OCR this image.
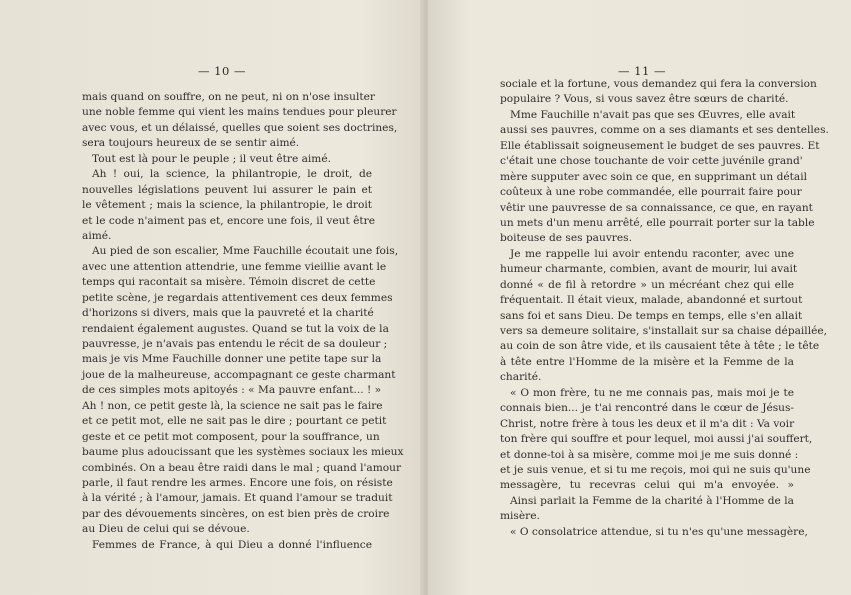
— 10 —
mais quand on souffre, on ne peut, ni on n'ose insulter
une noble femme qui vient les mains tendues pour pleurer
avec vous, et un délaissé, quelles que soient ses doctrines,
sera toujours heureux de se sentir aimé.
Tout est là pour le peuple ; il veut être aimé.
Ah ! oui, la science, la philantropie, le droit, de
nouvelles législations peuvent lui assurer le pain et
le vêtement ; mais la science, la philantropie, le droit
et le code n'aiment pas et, encore une fois, il veut être
aimé.
Au pied de son escalier, Mme Fauchille écoutait une fois,
avec une attention attendrie, une femme vieillie avant le
temps qui racontait sa misère. Témoin discret de cette
petite scène, je regardais attentivement ces deux femmes
d'horizons si divers, mais que la pauvreté et la charité
rendaient également augustes. Quand se tut la voix de la
pauvresse, je n'avais pas entendu le récit de sa douleur ;
mais je vis Mme Fauchille donner une petite tape sur la
joue de la malheureuse, accompagnant ce geste charmant
de ces simples mots apitoyés : « Ma pauvre enfant... ! »
Ah ! non, ce petit geste là, la science ne sait pas le faire
et ce petit mot, elle ne sait pas le dire ; pourtant ce petit
geste et ce petit mot composent, pour la souffrance, un
baume plus adoucissant que les systèmes sociaux les mieux
combinés. On a beau être raidi dans le mal ; quand l'amour
parle, il faut rendre les armes. Encore une fois, on résiste
à la vérité ; à l'amour, jamais. Et quand l'amour se traduit
par des dévouements sincères, on est bien près de croire
au Dieu de celui qui se dévoue.
Femmes de France, à qui Dieu a donné l'influence
— 11 —
sociale et la fortune, vous demandez qui fera la conversion
populaire ? Vous, si vous savez être sœurs de charité.
Mme Fauchille n'avait pas que ses Œuvres, elle avait
aussi ses pauvres, comme on a ses diamants et ses dentelles.
Elle établissait soigneusement le budget de ses pauvres. Et
c'était une chose touchante de voir cette juvénile grand'
mère supputer avec soin ce que, en supprimant un détail
coûteux à une robe commandée, elle pourrait faire pour
vêtir une pauvresse de sa connaissance, ce que, en rayant
un mets d'un menu arrêté, elle pourrait porter sur la table
boiteuse de ses pauvres.
Je me rappelle lui avoir entendu raconter, avec une
humeur charmante, combien, avant de mourir, lui avait
donné « de fil à retordre » un mécréant chez qui elle
fréquentait. Il était vieux, malade, abandonné et surtout
sans foi et sans Dieu. De temps en temps, elle s'en allait
vers sa demeure solitaire, s'installait sur sa chaise dépaillée,
au coin de son âtre vide, et ils causaient tête à tête ; le tête
à tête entre l'Homme de la misère et la Femme de la
charité.
« O mon frère, tu ne me connais pas, mais moi je te
connais bien... je t'ai rencontré dans le cœur de Jésus-
Christ, notre frère à tous les deux et il m'a dit : Va voir
ton frère qui souffre et pour lequel, moi aussi j'ai souffert,
et donne-toi à sa misère, comme moi je me suis donné :
et je suis venue, et si tu me reçois, moi qui ne suis qu'une
messagère, tu recevras celui qui m'a envoyée. »
Ainsi parlait la Femme de la charité à l'Homme de la
misère.
« O consolatrice attendue, si tu n'es qu'une messagère,
